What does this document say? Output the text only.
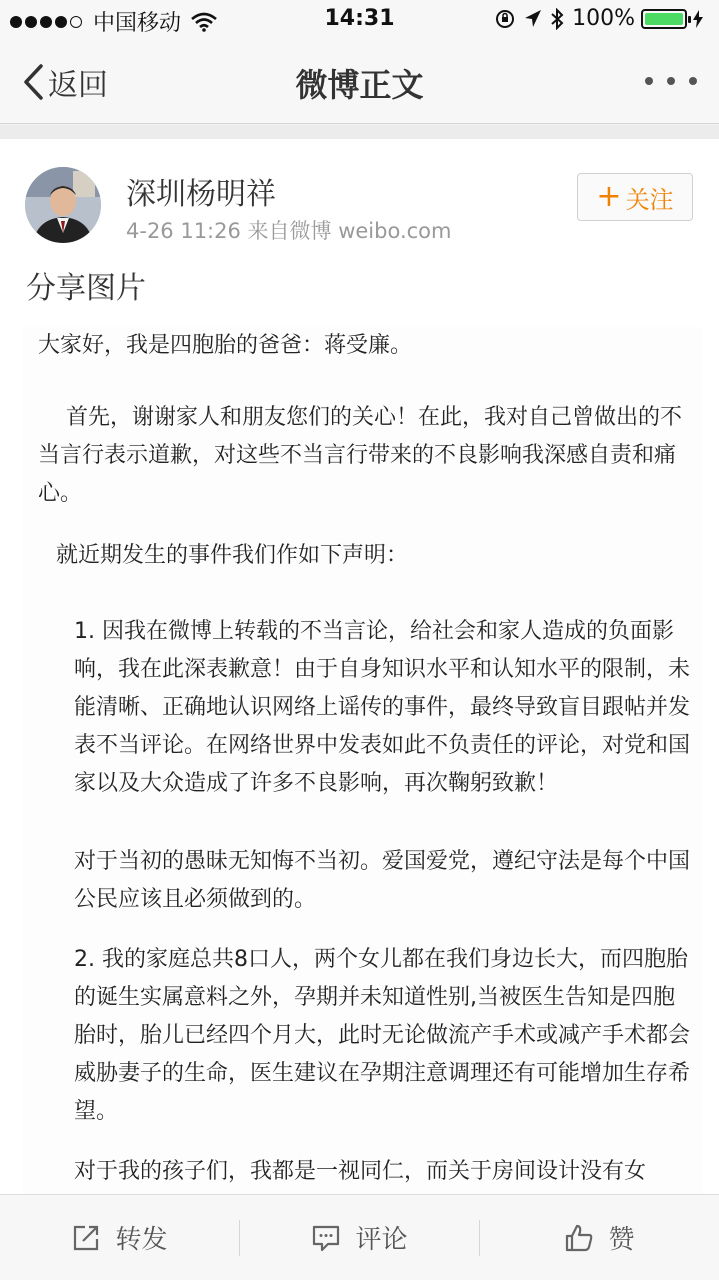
中国移动	14:31	100%
返回	微博正文
深圳杨明祥
4-26 11:26 来自微博 weibo.com
+ 关注
分享图片

大家好，我是四胞胎的爸爸：蒋受廉。

首先，谢谢家人和朋友您们的关心！在此，我对自己曾做出的不当言行表示道歉，对这些不当言行带来的不良影响我深感自责和痛心。

就近期发生的事件我们作如下声明：

1. 因我在微博上转载的不当言论，给社会和家人造成的负面影响，我在此深表歉意！由于自身知识水平和认知水平的限制，未能清晰、正确地认识网络上谣传的事件，最终导致盲目跟帖并发表不当评论。在网络世界中发表如此不负责任的评论，对党和国家以及大众造成了许多不良影响，再次鞠躬致歉！

对于当初的愚昧无知悔不当初。爱国爱党，遵纪守法是每个中国公民应该且必须做到的。

2. 我的家庭总共8口人，两个女儿都在我们身边长大，而四胞胎的诞生实属意料之外，孕期并未知道性别,当被医生告知是四胞胎时，胎儿已经四个月大，此时无论做流产手术或减产手术都会威胁妻子的生命，医生建议在孕期注意调理还有可能增加生存希望。

对于我的孩子们，我都是一视同仁，而关于房间设计没有女

转发	评论	赞
